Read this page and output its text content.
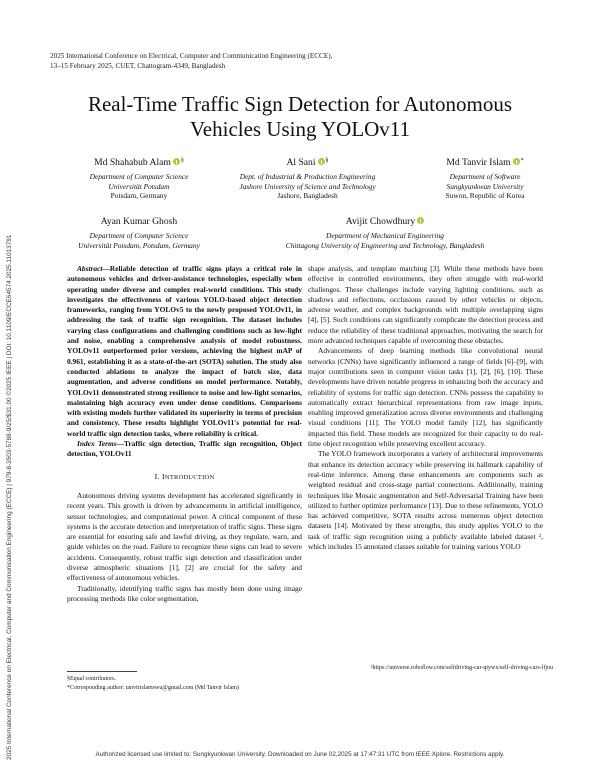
2025 International Conference on Electrical, Computer and Communication Engineering (ECCE) | 979-8-3503-5788-9/25/$31.00 ©2025 IEEE | DOI: 10.1109/ECCE64574.2025.11013791
2025 International Conference on Electrical, Computer and Communication Engineering (ECCE),
13–15 February 2025, CUET, Chattogram-4349, Bangladesh
Real-Time Traffic Sign Detection for Autonomous
Vehicles Using YOLOv11
Md Shahabub Alam §
Department of Computer Science
Universität Potsdam
Potsdam, Germany
Al Sani §
Dept. of Industrial & Production Engineering
Jashore University of Science and Technology
Jashore, Bangladesh
Md Tanvir Islam *
Department of Software
Sungkyunkwan University
Suwon, Republic of Korea
Ayan Kumar Ghosh
Department of Computer Science
Universität Potsdam, Potsdam, Germany
Avijit Chowdhury
Department of Mechanical Engineering
Chittagong University of Engineering and Technology, Bangladesh

Abstract—Reliable detection of traffic signs plays a critical role in autonomous vehicles and driver-assistance technologies, especially when operating under diverse and complex real-world conditions. This study investigates the effectiveness of various YOLO-based object detection frameworks, ranging from YOLOv5 to the newly proposed YOLOv11, in addressing the task of traffic sign recognition. The dataset includes varying class configurations and challenging conditions such as low-light and noise, enabling a comprehensive analysis of model robustness. YOLOv11 outperformed prior versions, achieving the highest mAP of 0.961, establishing it as a state-of-the-art (SOTA) solution. The study also conducted ablations to analyze the impact of batch size, data augmentation, and adverse conditions on model performance. Notably, YOLOv11 demonstrated strong resilience to noise and low-light scenarios, maintaining high accuracy even under dense conditions. Comparisons with existing models further validated its superiority in terms of precision and consistency. These results highlight YOLOv11's potential for real-world traffic sign detection tasks, where reliability is critical.

Index Terms—Traffic sign detection, Traffic sign recognition, Object detection, YOLOv11

I. INTRODUCTION

Autonomous driving systems development has accelerated significantly in recent years. This growth is driven by advancements in artificial intelligence, sensor technologies, and computational power. A critical component of these systems is the accurate detection and interpretation of traffic signs. These signs are essential for ensuring safe and lawful driving, as they regulate, warn, and guide vehicles on the road. Failure to recognize these signs can lead to severe accidents. Consequently, robust traffic sign detection and classification under diverse atmospheric situations [1], [2] are crucial for the safety and effectiveness of autonomous vehicles.

Traditionally, identifying traffic signs has mostly been done using image processing methods like color segmentation,

shape analysis, and template matching [3]. While these methods have been effective in controlled environments, they often struggle with real-world challenges. These challenges include varying lighting conditions, such as shadows and reflections, occlusions caused by other vehicles or objects, adverse weather, and complex backgrounds with multiple overlapping signs [4], [5]. Such conditions can significantly complicate the detection process and reduce the reliability of these traditional approaches, motivating the search for more advanced techniques capable of overcoming these obstacles.

Advancements of deep learning methods like convolutional neural networks (CNNs) have significantly influenced a range of fields [6]–[9], with major contributions seen in computer vision tasks [1], [2], [6], [10]. These developments have driven notable progress in enhancing both the accuracy and reliability of systems for traffic sign detection. CNNs possess the capability to automatically extract hierarchical representations from raw image inputs, enabling improved generalization across diverse environments and challenging visual conditions [11]. The YOLO model family [12], has significantly impacted this field. These models are recognized for their capacity to do real-time object recognition while preserving excellent accuracy.

The YOLO framework incorporates a variety of architectural improvements that enhance its detection accuracy while preserving its hallmark capability of real-time inference. Among these enhancements are components such as weighted residual and cross-stage partial connections. Additionally, training techniques like Mosaic augmentation and Self-Adversarial Training have been utilized to further optimize performance [13]. Due to these refinements, YOLO has achieved competitive, SOTA results across numerous object detection datasets [14]. Motivated by these strengths, this study applies YOLO to the task of traffic sign recognition using a publicly available labeled dataset ², which includes 15 annotated classes suitable for training various YOLO

§Equal contributors.
*Corresponding author: tanvirislamswu@gmail.com (Md Tanvir Islam)
²https://universe.roboflow.com/selfdriving-car-qtywx/self-driving-cars-lfjou
Authorized licensed use limited to: Sungkyunkwan University. Downloaded on June 02,2025 at 17:47:31 UTC from IEEE Xplore. Restrictions apply.
